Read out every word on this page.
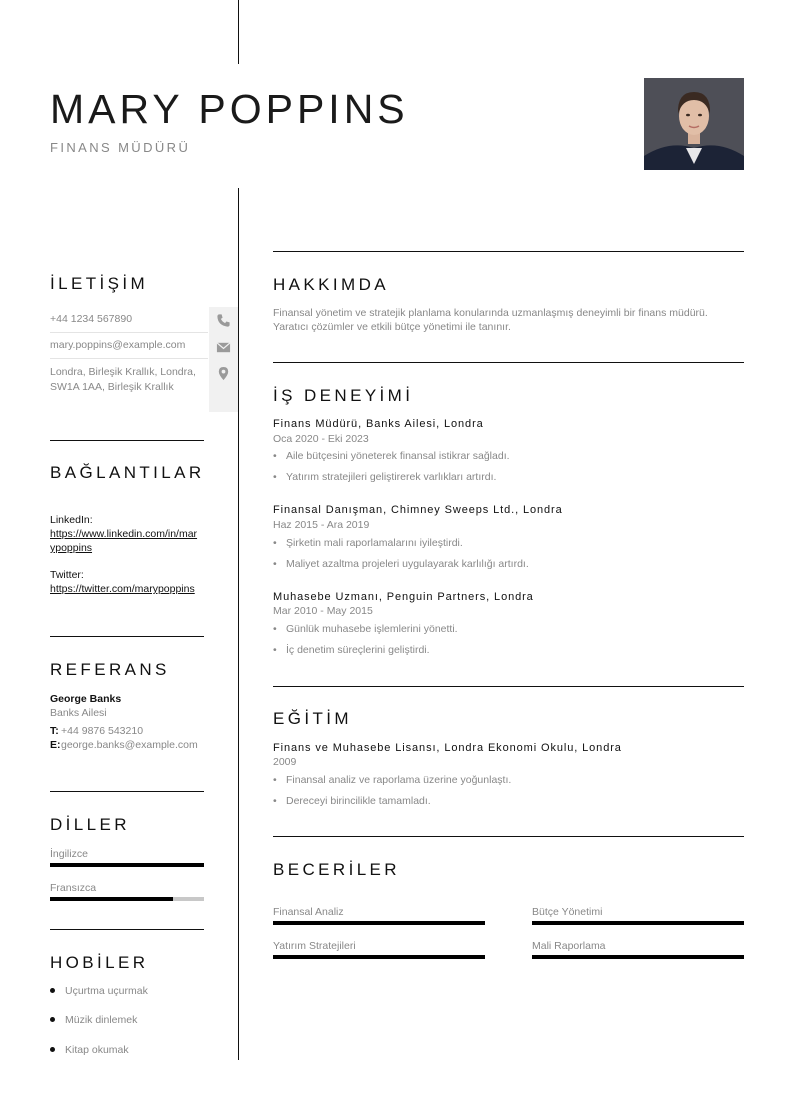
MARY POPPINS
FINANS MÜDÜRÜ
İLETİŞİM
+44 1234 567890
mary.poppins@example.com
Londra, Birleşik Krallık, Londra, SW1A 1AA, Birleşik Krallık
BAĞLANTILAR
LinkedIn:
https://www.linkedin.com/in/marypoppins
Twitter:
https://twitter.com/marypoppins
REFERANS
George Banks
Banks Ailesi
T: +44 9876 543210
E: george.banks@example.com
DİLLER
İngilizce
Fransızca
HOBİLER
Uçurtma uçurmak
Müzik dinlemek
Kitap okumak
HAKKIMDA
Finansal yönetim ve stratejik planlama konularında uzmanlaşmış deneyimli bir finans müdürü. Yaratıcı çözümler ve etkili bütçe yönetimi ile tanınır.
İŞ DENEYİMİ
Finans Müdürü, Banks Ailesi, Londra
Oca 2020 - Eki 2023
• Aile bütçesini yöneterek finansal istikrar sağladı.
• Yatırım stratejileri geliştirerek varlıkları artırdı.
Finansal Danışman, Chimney Sweeps Ltd., Londra
Haz 2015 - Ara 2019
• Şirketin mali raporlamalarını iyileştirdi.
• Maliyet azaltma projeleri uygulayarak karlılığı artırdı.
Muhasebe Uzmanı, Penguin Partners, Londra
Mar 2010 - May 2015
• Günlük muhasebe işlemlerini yönetti.
• İç denetim süreçlerini geliştirdi.
EĞİTİM
Finans ve Muhasebe Lisansı, Londra Ekonomi Okulu, Londra
2009
• Finansal analiz ve raporlama üzerine yoğunlaştı.
• Dereceyi birincilikle tamamladı.
BECERİLER
Finansal Analiz	Bütçe Yönetimi
Yatırım Stratejileri	Mali Raporlama
